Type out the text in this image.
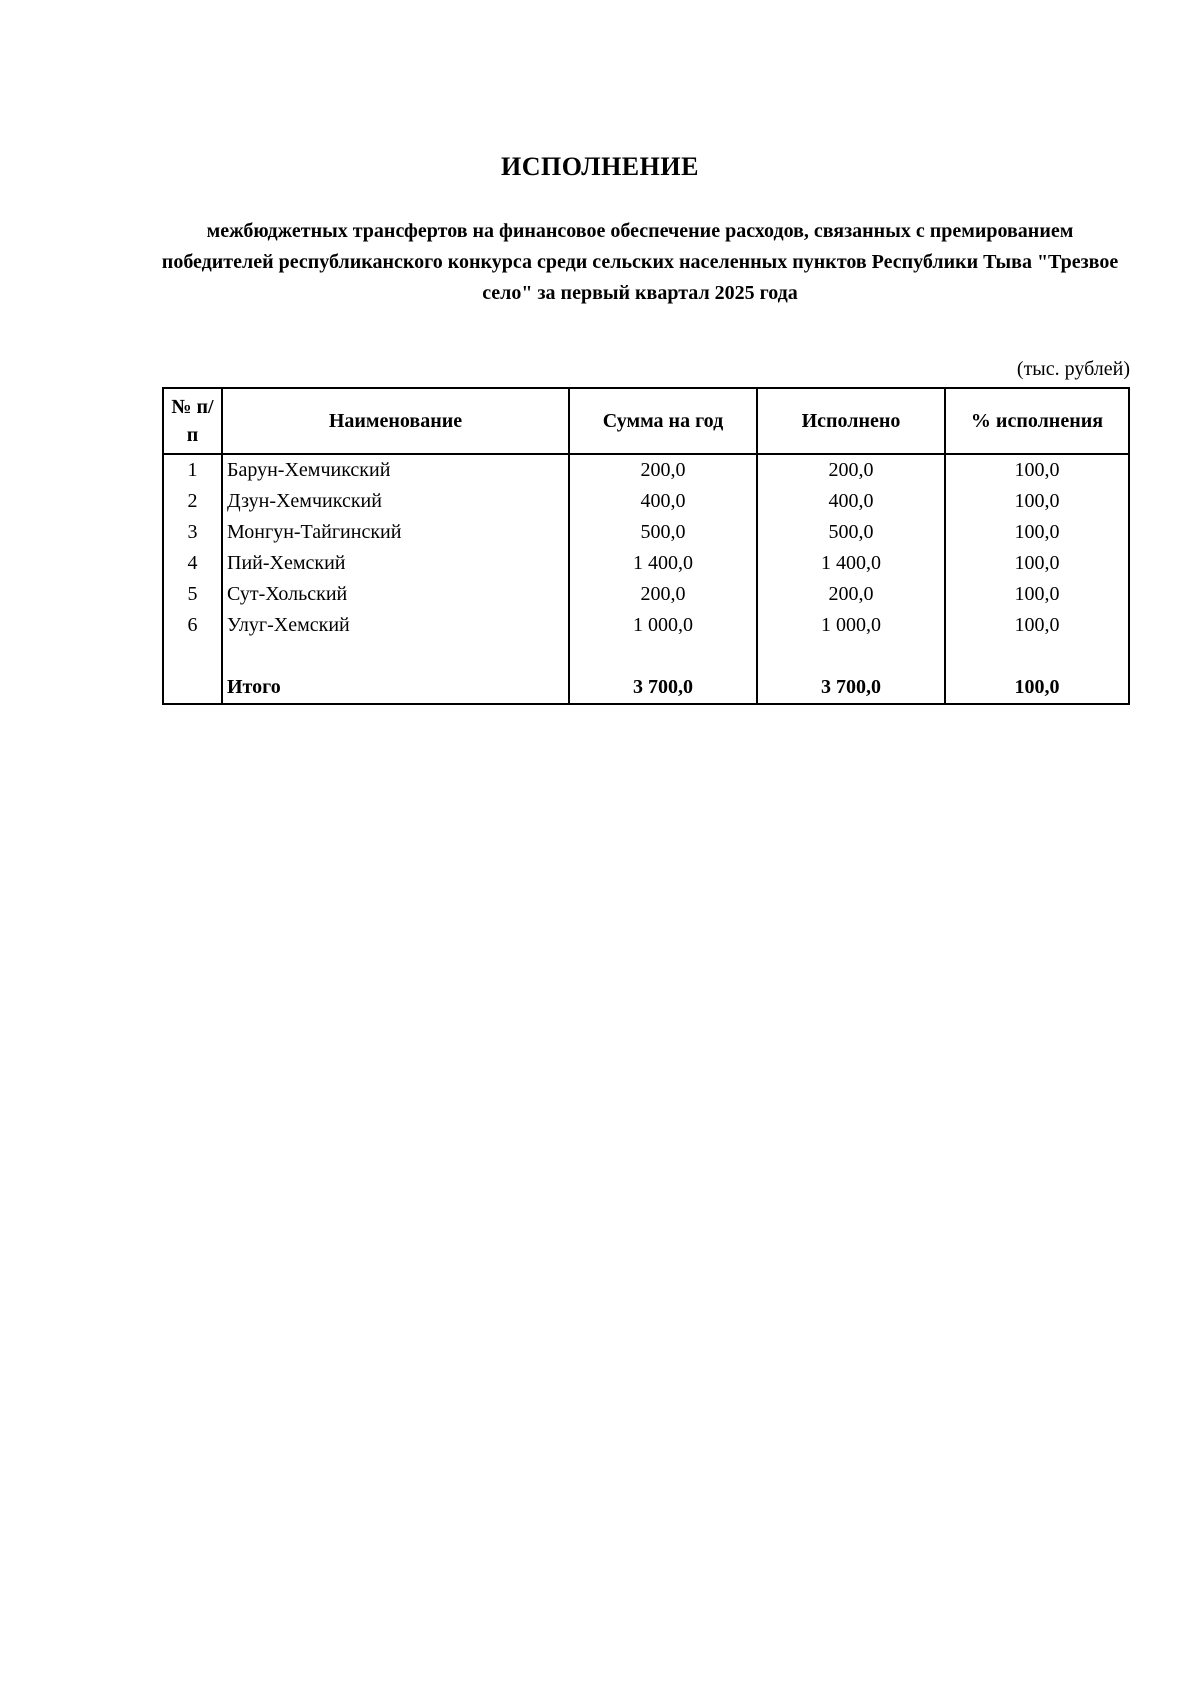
ИСПОЛНЕНИЕ

межбюджетных трансфертов на финансовое обеспечение расходов, связанных с премированием победителей республиканского конкурса среди сельских населенных пунктов Республики Тыва "Трезвое село" за первый квартал 2025 года

(тыс. рублей)

№ п/п	Наименование	Сумма на год	Исполнено	% исполнения
1	Барун-Хемчикский	200,0	200,0	100,0
2	Дзун-Хемчикский	400,0	400,0	100,0
3	Монгун-Тайгинский	500,0	500,0	100,0
4	Пий-Хемский	1 400,0	1 400,0	100,0
5	Сут-Хольский	200,0	200,0	100,0
6	Улуг-Хемский	1 000,0	1 000,0	100,0

	Итого	3 700,0	3 700,0	100,0
